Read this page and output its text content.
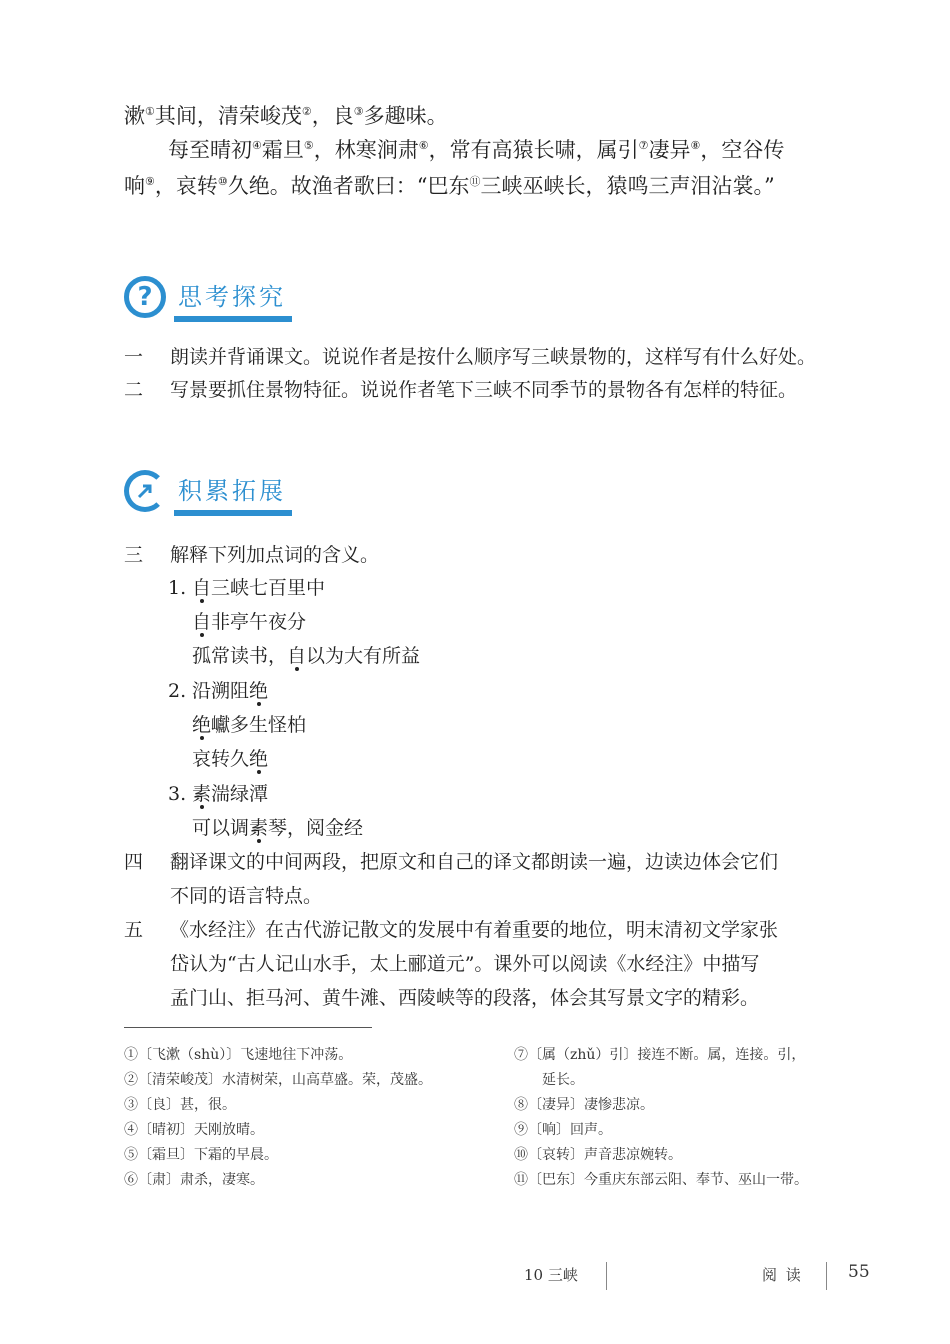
漱①其间，清荣峻茂②，良③多趣味。
每至晴初④霜旦⑤，林寒涧肃⑥，常有高猿长啸，属引⑦凄异⑧，空谷传
响⑨，哀转⑩久绝。故渔者歌曰：“巴东⑪三峡巫峡长，猿鸣三声泪沾裳。”
?	思考探究
一	朗读并背诵课文。说说作者是按什么顺序写三峡景物的，这样写有什么好处。
二	写景要抓住景物特征。说说作者笔下三峡不同季节的景物各有怎样的特征。
积累拓展
三	解释下列加点词的含义。
1. 自三峡七百里中
自非亭午夜分
孤常读书，自以为大有所益
2. 沿溯阻绝
绝巘多生怪柏
哀转久绝
3. 素湍绿潭
可以调素琴，阅金经
四	翻译课文的中间两段，把原文和自己的译文都朗读一遍，边读边体会它们
不同的语言特点。
五	《水经注》在古代游记散文的发展中有着重要的地位，明末清初文学家张
岱认为“古人记山水手，太上郦道元”。课外可以阅读《水经注》中描写
孟门山、拒马河、黄牛滩、西陵峡等的段落，体会其写景文字的精彩。
①〔飞漱（shù）〕飞速地往下冲荡。
②〔清荣峻茂〕水清树荣，山高草盛。荣，茂盛。
③〔良〕甚，很。
④〔晴初〕天刚放晴。
⑤〔霜旦〕下霜的早晨。
⑥〔肃〕肃杀，凄寒。
⑦〔属（zhǔ）引〕接连不断。属，连接。引，
延长。
⑧〔凄异〕凄惨悲凉。
⑨〔响〕回声。
⑩〔哀转〕声音悲凉婉转。
⑪〔巴东〕今重庆东部云阳、奉节、巫山一带。
10 三峡	阅 读	55
